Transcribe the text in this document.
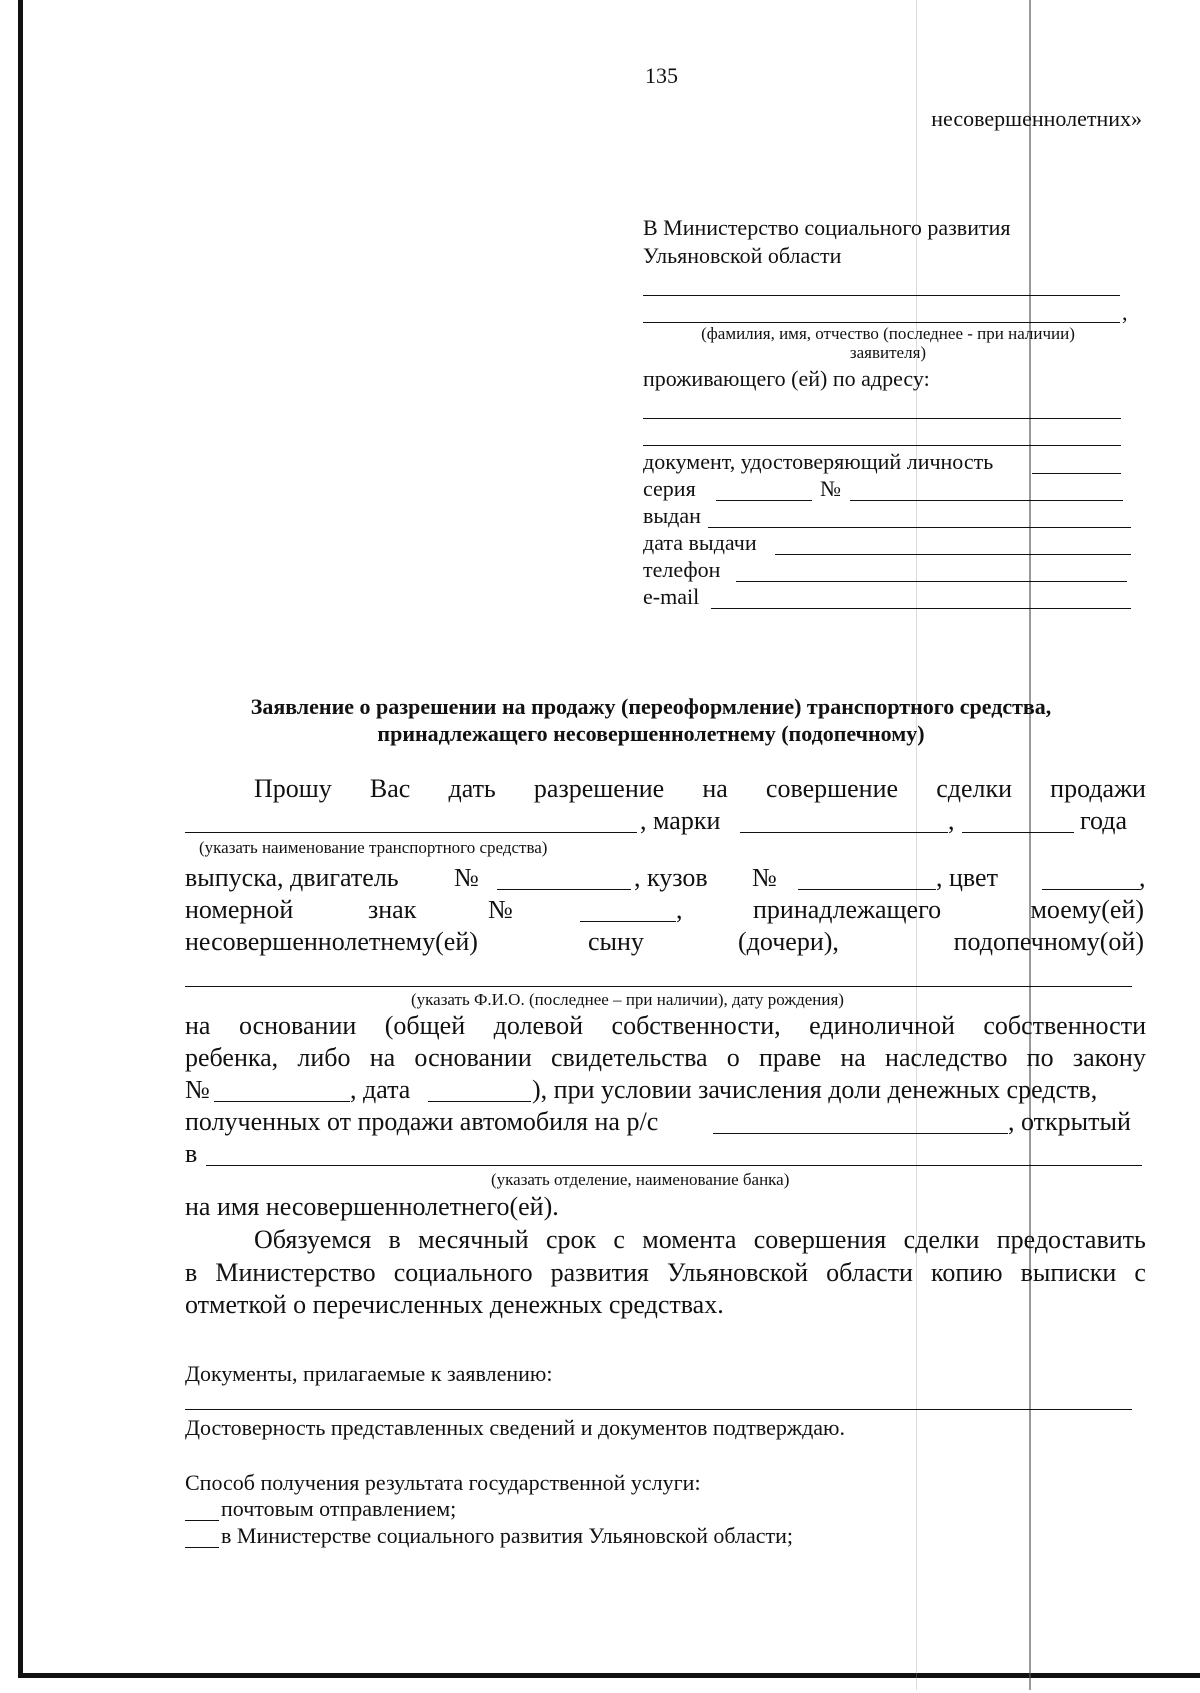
135
несовершеннолетних»
В Министерство социального развития
Ульяновской области
,
(фамилия, имя, отчество (последнее - при наличии)
заявителя)
проживающего (ей) по адресу:
документ, удостоверяющий личность
серия	№
выдан
дата выдачи
телефон
e-mail
Заявление о разрешении на продажу (переоформление) транспортного средства,
принадлежащего несовершеннолетнему (подопечному)
Прошу Вас дать разрешение на совершение сделки продажи
, марки	,	года
(указать наименование транспортного средства)
выпуска, двигатель №	, кузов №	, цвет	,
номерной	знак	№	,	принадлежащего	моему(ей)
несовершеннолетнему(ей)	сыну	(дочери),	подопечному(ой)
(указать Ф.И.О. (последнее – при наличии), дату рождения)
на основании (общей долевой собственности, единоличной собственности
ребенка, либо на основании свидетельства о праве на наследство по закону
№	, дата	), при условии зачисления доли денежных средств,
полученных от продажи автомобиля на р/с	, открытый
в
(указать отделение, наименование банка)
на имя несовершеннолетнего(ей).
Обязуемся в месячный срок с момента совершения сделки предоставить
в Министерство социального развития Ульяновской области копию выписки с
отметкой о перечисленных денежных средствах.
Документы, прилагаемые к заявлению:
Достоверность представленных сведений и документов подтверждаю.
Способ получения результата государственной услуги:
почтовым отправлением;
в Министерстве социального развития Ульяновской области;
